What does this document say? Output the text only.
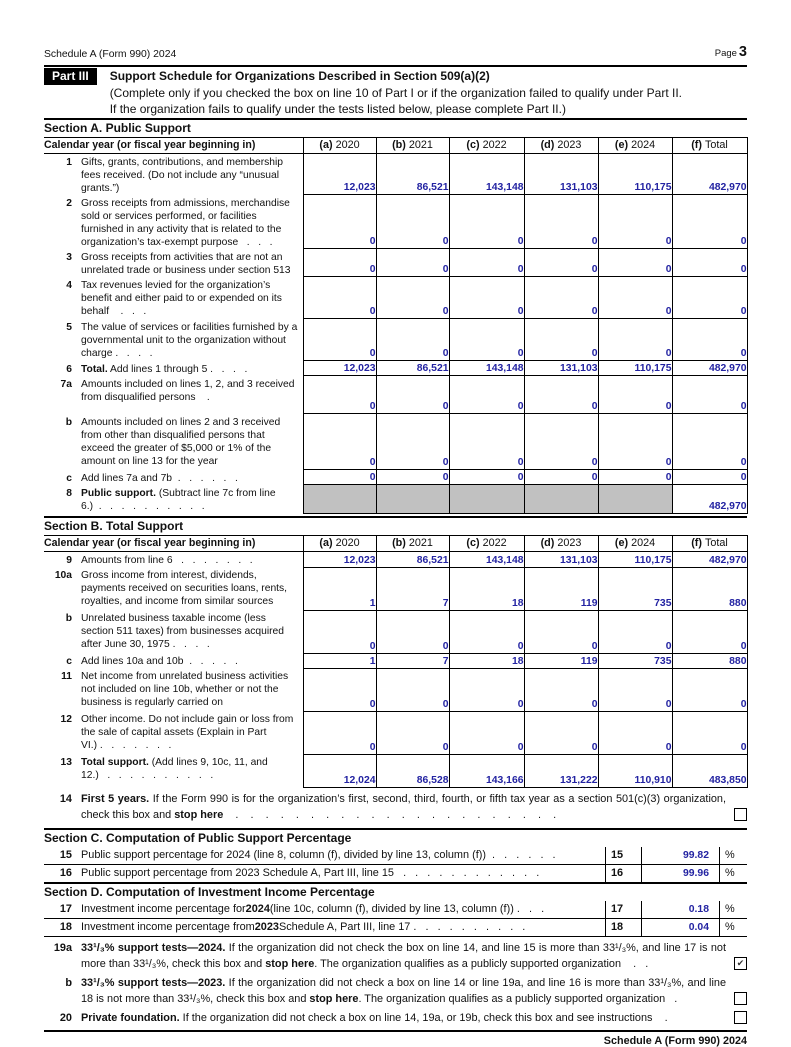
Schedule A (Form 990) 2024	Page 3
Part III	Support Schedule for Organizations Described in Section 509(a)(2)
(Complete only if you checked the box on line 10 of Part I or if the organization failed to qualify under Part II.
If the organization fails to qualify under the tests listed below, please complete Part II.)
Section A. Public Support
Calendar year (or fiscal year beginning in)	(a) 2020	(b) 2021	(c) 2022	(d) 2023	(e) 2024	(f) Total

1 Gifts, grants, contributions, and membership fees received. (Do not include any “unusual grants.”)	12,023	86,521	143,148	131,103	110,175	482,970

2 Gross receipts from admissions, merchandise sold or services performed, or facilities furnished in any activity that is related to the organization’s tax-exempt purpose   .   .   .	0	0	0	0	0	0

3 Gross receipts from activities that are not an unrelated trade or business under section 513	0	0	0	0	0	0

4 Tax revenues levied for the organization’s benefit and either paid to or expended on its behalf    .   .   .	0	0	0	0	0	0

5 The value of services or facilities furnished by a governmental unit to the organization without charge .   .   .   .	0	0	0	0	0	0

6 Total. Add lines 1 through 5 .   .   .   .	12,023	86,521	143,148	131,103	110,175	482,970

7a Amounts included on lines 1, 2, and 3 received from disqualified persons    .	0	0	0	0	0	0

b Amounts included on lines 2 and 3 received from other than disqualified persons that exceed the greater of $5,000 or 1% of the amount on line 13 for the year	0	0	0	0	0	0

c Add lines 7a and 7b  .   .   .   .   .   .	0	0	0	0	0	0

8 Public support. (Subtract line 7c from line 6.)  .   .   .   .   .   .   .   .   .   .						482,970
Section B. Total Support
Calendar year (or fiscal year beginning in)	(a) 2020	(b) 2021	(c) 2022	(d) 2023	(e) 2024	(f) Total

9 Amounts from line 6   .   .   .   .   .   .   .	12,023	86,521	143,148	131,103	110,175	482,970

10a Gross income from interest, dividends, payments received on securities loans, rents, royalties, and income from similar sources	1	7	18	119	735	880

b Unrelated business taxable income (less section 511 taxes) from businesses acquired after June 30, 1975 .   .   .   .	0	0	0	0	0	0

c Add lines 10a and 10b  .   .   .   .   .	1	7	18	119	735	880

11 Net income from unrelated business activities not included on line 10b, whether or not the business is regularly carried on	0	0	0	0	0	0

12 Other income. Do not include gain or loss from the sale of capital assets (Explain in Part VI.) .   .   .   .   .   .   .	0	0	0	0	0	0

13 Total support. (Add lines 9, 10c, 11, and 12.)   .   .   .   .   .   .   .   .   .   .	12,024	86,528	143,166	131,222	110,910	483,850
14 First 5 years. If the Form 990 is for the organization’s first, second, third, fourth, or fifth tax year as a section 501(c)(3) organization, check this box and stop here    .    .    .    .    .    .    .    .    .    .    .    .    .    .    .    .    .    .    .    .    .    .
Section C. Computation of Public Support Percentage
15 Public support percentage for 2024 (line 8, column (f), divided by line 13, column (f))  .   .   .   .   .   .	15	99.82	%
16 Public support percentage from 2023 Schedule A, Part III, line 15   .   .   .   .   .   .   .   .   .   .   .   .	16	99.96	%
Section D. Computation of Investment Income Percentage
17 Investment income percentage for 2024 (line 10c, column (f), divided by line 13, column (f)) .   .   .	17	0.18	%
18 Investment income percentage from 2023 Schedule A, Part III, line 17 .   .   .   .   .   .   .   .   .   .	18	0.04	%
19a 33¹/₃% support tests—2024. If the organization did not check the box on line 14, and line 15 is more than 33¹/₃%, and line 17 is not more than 33¹/₃%, check this box and stop here. The organization qualifies as a publicly supported organization    .   .	✔
b 33¹/₃% support tests—2023. If the organization did not check a box on line 14 or line 19a, and line 16 is more than 33¹/₃%, and line 18 is not more than 33¹/₃%, check this box and stop here. The organization qualifies as a publicly supported organization   .
20 Private foundation. If the organization did not check a box on line 14, 19a, or 19b, check this box and see instructions    .
Schedule A (Form 990) 2024
